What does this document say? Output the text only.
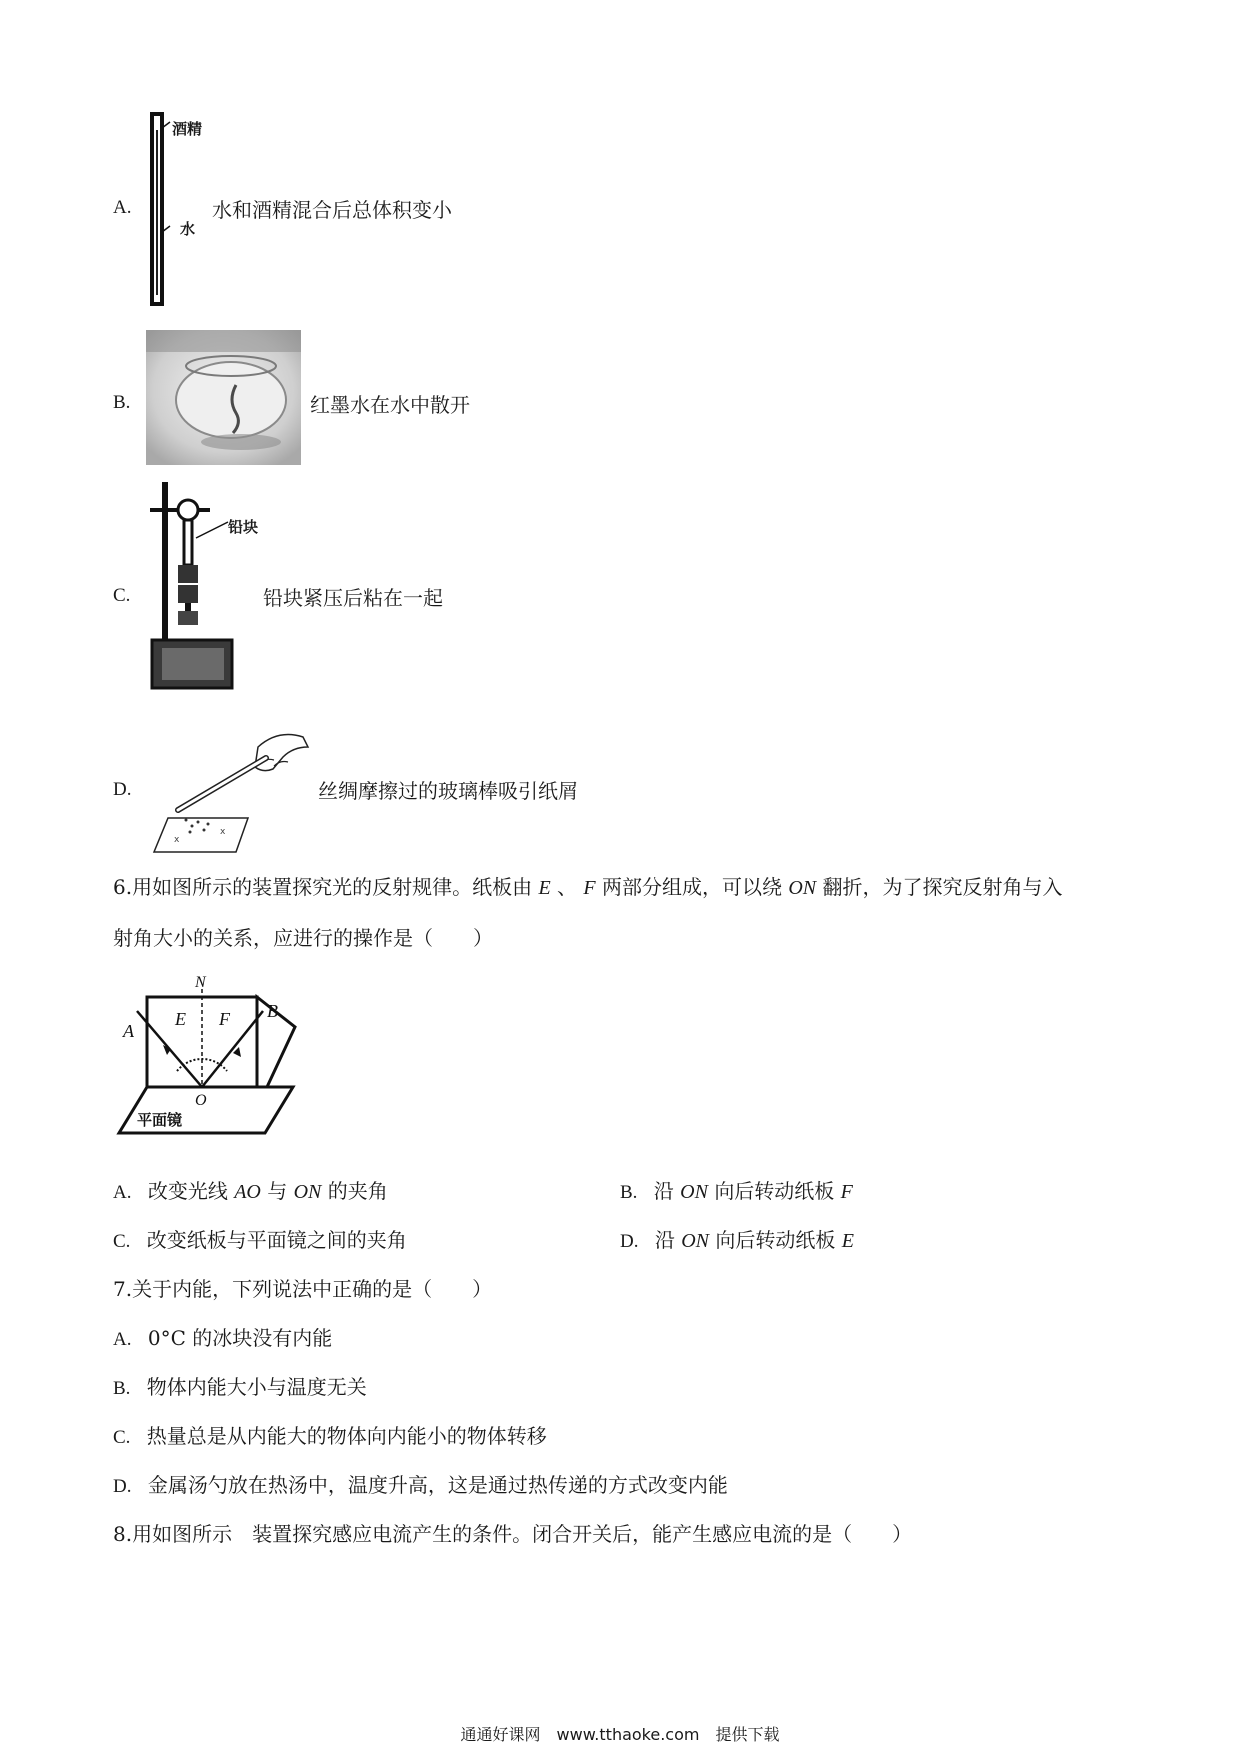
A.
酒精
水
水和酒精混合后总体积变小
B.	红墨水在水中散开
C.
铅块
铅块紧压后粘在一起
D.
x
ⅹ
丝绸摩擦过的玻璃棒吸引纸屑
6.用如图所示的装置探究光的反射规律。纸板由 E 、 F 两部分组成，可以绕 ON 翻折，为了探究反射角与入
射角大小的关系，应进行的操作是（　　）
A
N
E F B
O
平面镜
A. 改变光线 AO 与 ON 的夹角	B. 沿 ON 向后转动纸板 F
C. 改变纸板与平面镜之间的夹角	D. 沿 ON 向后转动纸板 E
7.关于内能，下列说法中正确的是（　　）
A. 0°C 的冰块没有内能
B. 物体内能大小与温度无关
C. 热量总是从内能大的物体向内能小的物体转移
D. 金属汤勺放在热汤中，温度升高，这是通过热传递的方式改变内能
8.用如图所示　装置探究感应电流产生的条件。闭合开关后，能产生感应电流的是（　　）
通通好课网　www.tthaoke.com　提供下载
